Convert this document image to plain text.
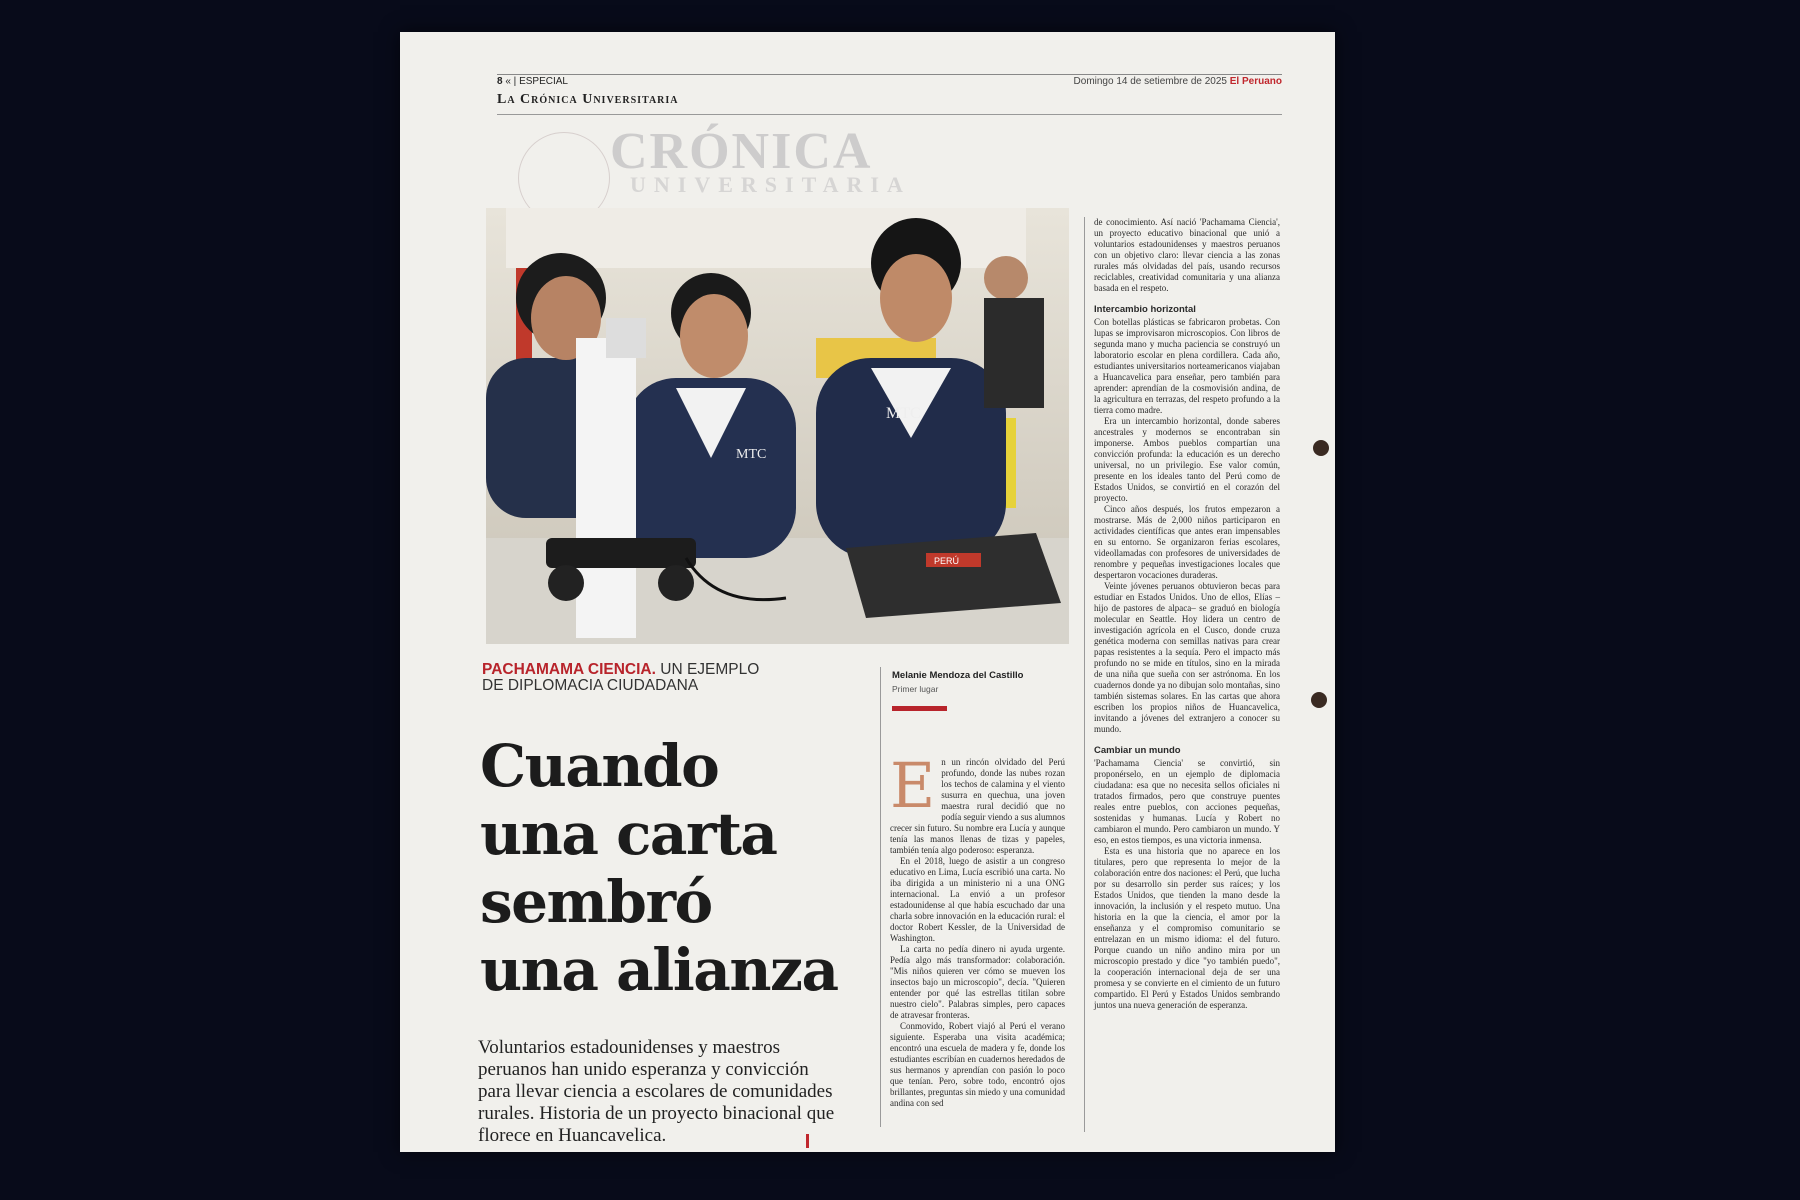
8 « | ESPECIAL	Domingo 14 de setiembre de 2025 El Peruano
La Crónica Universitaria
CRÓNICA
UNIVERSITARIA
PERÚ
MTC
MTC
PACHAMAMA CIENCIA. UN EJEMPLO DE DIPLOMACIA CIUDADANA
Cuando una carta sembró una alianza
Voluntarios estadounidenses y maestros peruanos han unido esperanza y convicción para llevar ciencia a escolares de comunidades rurales. Historia de un proyecto binacional que florece en Huancavelica.
Melanie Mendoza del Castillo
Primer lugar

En un rincón olvidado del Perú profundo, donde las nubes rozan los techos de calamina y el viento susurra en quechua, una joven maestra rural decidió que no podía seguir viendo a sus alumnos crecer sin futuro. Su nombre era Lucía y aunque tenía las manos llenas de tizas y papeles, también tenía algo poderoso: esperanza.

En el 2018, luego de asistir a un congreso educativo en Lima, Lucía escribió una carta. No iba dirigida a un ministerio ni a una ONG internacional. La envió a un profesor estadounidense al que había escuchado dar una charla sobre innovación en la educación rural: el doctor Robert Kessler, de la Universidad de Washington.

La carta no pedía dinero ni ayuda urgente. Pedía algo más transformador: colaboración. "Mis niños quieren ver cómo se mueven los insectos bajo un microscopio", decía. "Quieren entender por qué las estrellas titilan sobre nuestro cielo". Palabras simples, pero capaces de atravesar fronteras.

Conmovido, Robert viajó al Perú el verano siguiente. Esperaba una visita académica; encontró una escuela de madera y fe, donde los estudiantes escribían en cuadernos heredados de sus hermanos y aprendían con pasión lo poco que tenían. Pero, sobre todo, encontró ojos brillantes, preguntas sin miedo y una comunidad andina con sed

de conocimiento. Así nació 'Pachamama Ciencia', un proyecto educativo binacional que unió a voluntarios estadounidenses y maestros peruanos con un objetivo claro: llevar ciencia a las zonas rurales más olvidadas del país, usando recursos reciclables, creatividad comunitaria y una alianza basada en el respeto.

Intercambio horizontal

Con botellas plásticas se fabricaron probetas. Con lupas se improvisaron microscopios. Con libros de segunda mano y mucha paciencia se construyó un laboratorio escolar en plena cordillera. Cada año, estudiantes universitarios norteamericanos viajaban a Huancavelica para enseñar, pero también para aprender: aprendían de la cosmovisión andina, de la agricultura en terrazas, del respeto profundo a la tierra como madre.

Era un intercambio horizontal, donde saberes ancestrales y modernos se encontraban sin imponerse. Ambos pueblos compartían una convicción profunda: la educación es un derecho universal, no un privilegio. Ese valor común, presente en los ideales tanto del Perú como de Estados Unidos, se convirtió en el corazón del proyecto.

Cinco años después, los frutos empezaron a mostrarse. Más de 2,000 niños participaron en actividades científicas que antes eran impensables en su entorno. Se organizaron ferias escolares, videollamadas con profesores de universidades de renombre y pequeñas investigaciones locales que despertaron vocaciones duraderas.

Veinte jóvenes peruanos obtuvieron becas para estudiar en Estados Unidos. Uno de ellos, Elías –hijo de pastores de alpaca– se graduó en biología molecular en Seattle. Hoy lidera un centro de investigación agrícola en el Cusco, donde cruza genética moderna con semillas nativas para crear papas resistentes a la sequía. Pero el impacto más profundo no se mide en títulos, sino en la mirada de una niña que sueña con ser astrónoma. En los cuadernos donde ya no dibujan solo montañas, sino también sistemas solares. En las cartas que ahora escriben los propios niños de Huancavelica, invitando a jóvenes del extranjero a conocer su mundo.

Cambiar un mundo

'Pachamama Ciencia' se convirtió, sin proponérselo, en un ejemplo de diplomacia ciudadana: esa que no necesita sellos oficiales ni tratados firmados, pero que construye puentes reales entre pueblos, con acciones pequeñas, sostenidas y humanas. Lucía y Robert no cambiaron el mundo. Pero cambiaron un mundo. Y eso, en estos tiempos, es una victoria inmensa.

Esta es una historia que no aparece en los titulares, pero que representa lo mejor de la colaboración entre dos naciones: el Perú, que lucha por su desarrollo sin perder sus raíces; y los Estados Unidos, que tienden la mano desde la innovación, la inclusión y el respeto mutuo. Una historia en la que la ciencia, el amor por la enseñanza y el compromiso comunitario se entrelazan en un mismo idioma: el del futuro. Porque cuando un niño andino mira por un microscopio prestado y dice "yo también puedo", la cooperación internacional deja de ser una promesa y se convierte en el cimiento de un futuro compartido. El Perú y Estados Unidos sembrando juntos una nueva generación de esperanza.
